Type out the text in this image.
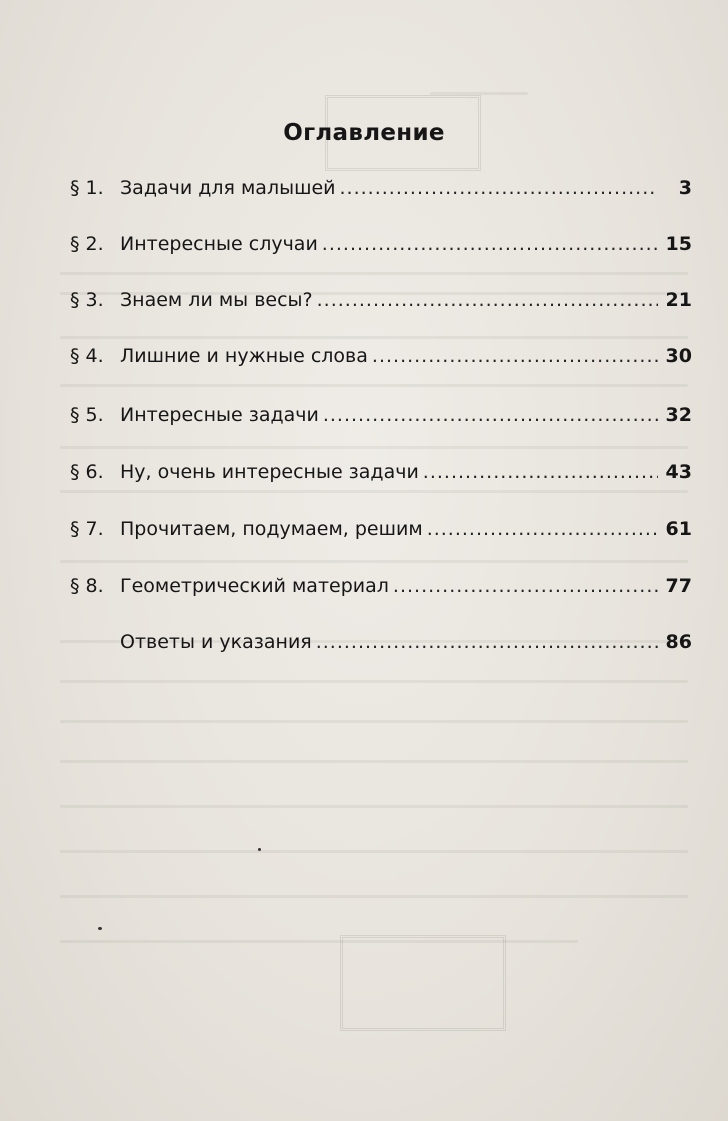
Оглавление
§ 1. Задачи для малышей .....	3
§ 2. Интересные случаи .....	15
§ 3. Знаем ли мы весы? .....	21
§ 4. Лишние и нужные слова .....	30
§ 5. Интересные задачи .....	32
§ 6. Ну, очень интересные задачи .....	43
§ 7. Прочитаем, подумаем, решим .....	61
§ 8. Геометрический материал .....	77
Ответы и указания .....	86
